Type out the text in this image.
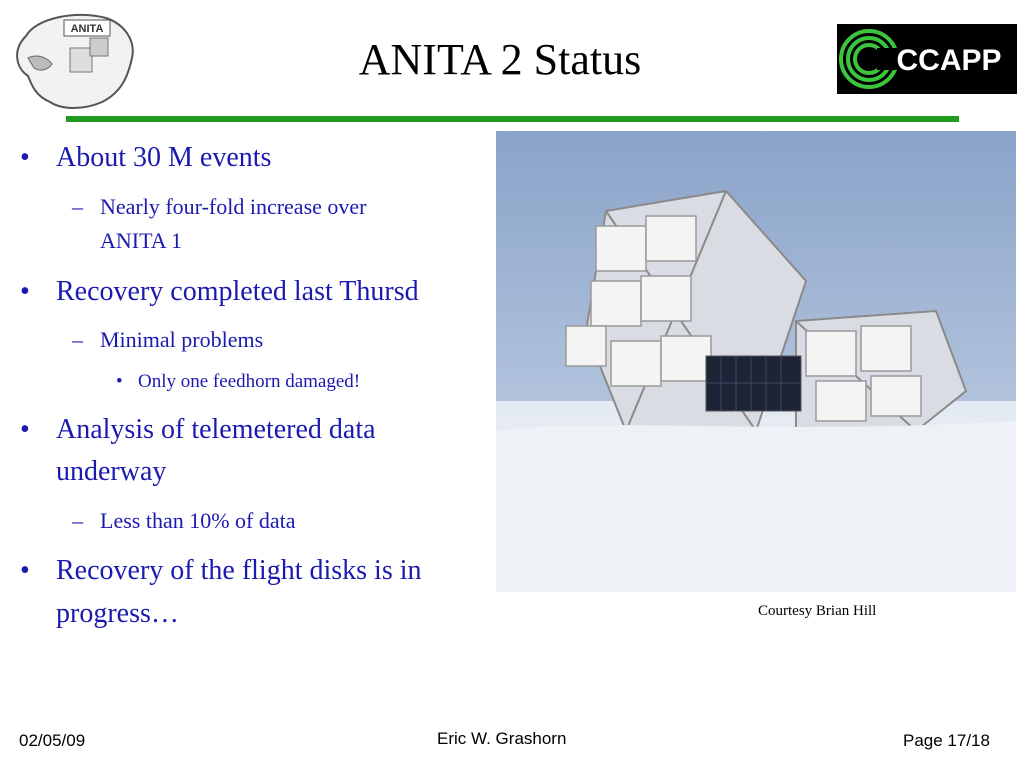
ANITA
CCAPP
ANITA 2 Status
Courtesy Brian Hill
• About 30 M events
– Nearly four-fold increase over
ANITA 1
• Recovery completed last Thursd
– Minimal problems
• Only one feedhorn damaged!
• Analysis of telemetered data
underway
– Less than 10% of data
• Recovery of the flight disks is in
progress…
02/05/09	Eric W. Grashorn	Page 17/18
